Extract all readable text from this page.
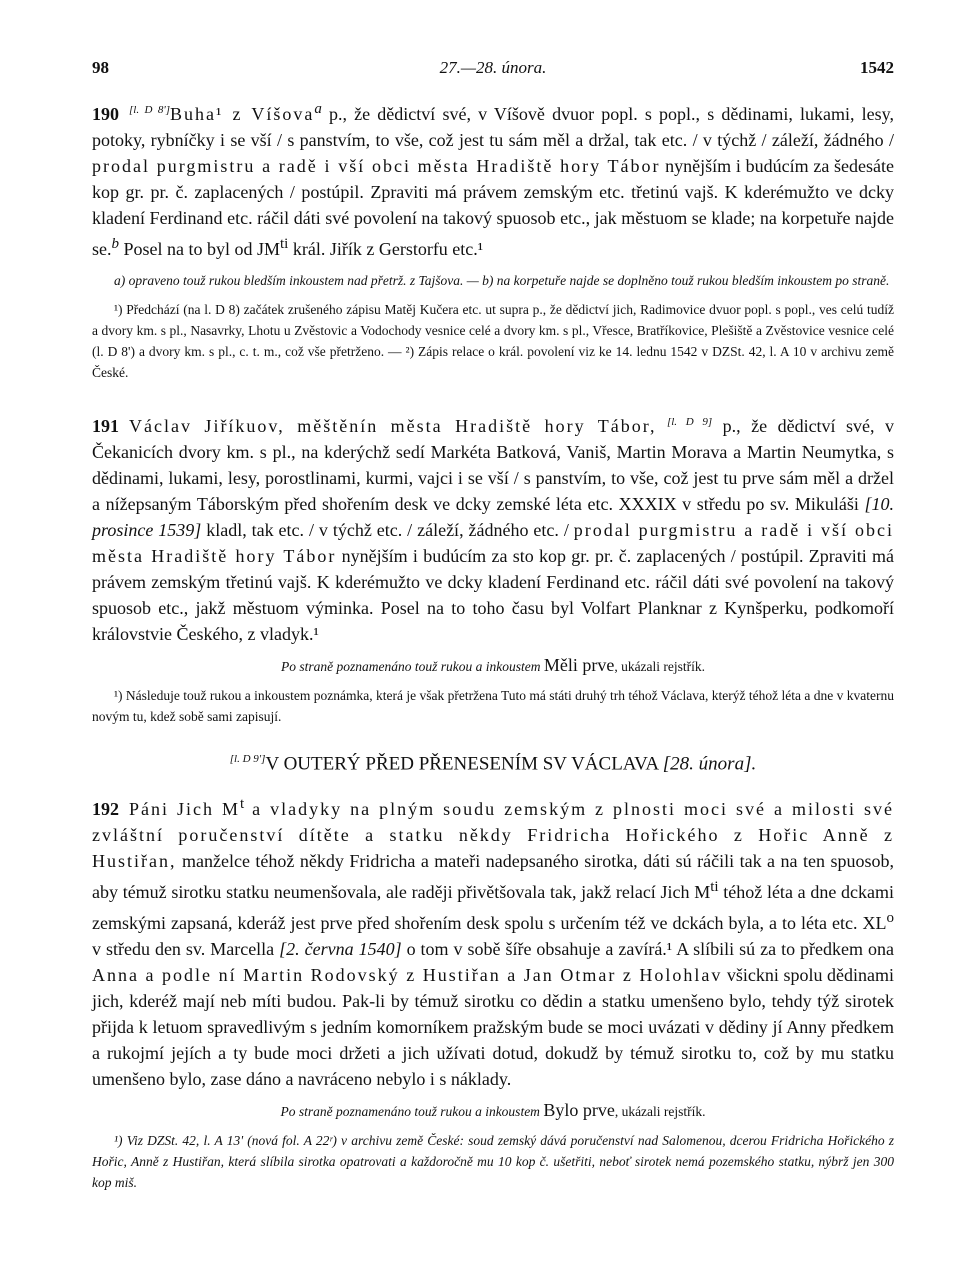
98	27.—28. února.	1542

190 [l. D 8']Buha¹ z Víšova$^a$ p., že dědictví své, v Víšově dvuor popl. s popl., s dědinami, lukami, lesy, potoky, rybníčky i se vší / s panstvím, to vše, což jest tu sám měl a držal, tak etc. / v týchž / záleží, žádného / prodal purgmistru a radě i vší obci města Hradiště hory Tábor nynějším i budúcím za šedesáte kop gr. pr. č. zaplacených / postúpil. Zpraviti má právem zemským etc. třetinú vajš. K kderémužto ve dcky kladení Ferdinand etc. ráčil dáti své povolení na takový spuosob etc., jak městuom se klade; na korpetuře najde se.$^b$ Posel na to byl od $JM^{ti}$ král. Jiřík z Gerstorfu etc.¹

a) opraveno touž rukou bledším inkoustem nad přetrž. z Tajšova. — b) na korpetuře najde se doplněno touž rukou bledším inkoustem po straně.

¹) Předchází (na l. D 8) začátek zrušeného zápisu Matěj Kučera etc. ut supra p., že dědictví jich, Radimovice dvuor popl. s popl., ves celú tudíž a dvory km. s pl., Nasavrky, Lhotu u Zvěstovic a Vodochody vesnice celé a dvory km. s pl., Vřesce, Bratříkovice, Plešiště a Zvěstovice vesnice celé (l. D 8') a dvory km. s pl., c. t. m., což vše přetrženo. — ²) Zápis relace o král. povolení viz ke 14. lednu 1542 v DZSt. 42, l. A 10 v archivu země České.

191 Václav Jiříkuov, měštěnín města Hradiště hory Tábor, [l. D 9] p., že dědictví své, v Čekanicích dvory km. s pl., na kderýchž sedí Markéta Batková, Vaniš, Martin Morava a Martin Neumytka, s dědinami, lukami, lesy, porostlinami, kurmi, vajci i se vší / s panstvím, to vše, což jest tu prve sám měl a držel a nížepsaným Táborským před shořením desk ve dcky zemské léta etc. XXXIX v středu po sv. Mikuláši [10. prosince 1539] kladl, tak etc. / v týchž etc. / záleží, žádného etc. / prodal purgmistru a radě i vší obci města Hradiště hory Tábor nynějším i budúcím za sto kop gr. pr. č. zaplacených / postúpil. Zpraviti má právem zemským třetinú vajš. K kderémužto ve dcky kladení Ferdinand etc. ráčil dáti své povolení na takový spuosob etc., jakž městuom výminka. Posel na to toho času byl Volfart Planknar z Kynšperku, podkomoří královstvie Českého, z vladyk.¹

Po straně poznamenáno touž rukou a inkoustem Měli prve, ukázali rejstřík.

¹) Následuje touž rukou a inkoustem poznámka, která je však přetržena Tuto má státi druhý trh téhož Václava, kterýž téhož léta a dne v kvaternu novým tu, kdež sobě sami zapisují.

[l. D 9']V OUTERÝ PŘED PŘENESENÍM SV VÁCLAVA [28. února].

192 Páni Jich $M^t$ a vladyky na plným soudu zemským z plnosti moci své a milosti své zvláštní poručenství dítěte a statku někdy Fridricha Hořického z Hořic Anně z Hustiřan, manželce téhož někdy Fridricha a mateři nadepsaného sirotka, dáti sú ráčili tak a na ten spuosob, aby témuž sirotku statku neumenšovala, ale raději přivětšovala tak, jakž relací Jich $M^{ti}$ téhož léta a dne dckami zemskými zapsaná, kderáž jest prve před shořením desk spolu s určením též ve dckách byla, a to léta etc. $XL^o$ v středu den sv. Marcella [2. června 1540] o tom v sobě šíře obsahuje a zavírá.¹ A slíbili sú za to předkem ona Anna a podle ní Martin Rodovský z Hustiřan a Jan Otmar z Holohlav všickni spolu dědinami jich, kderéž mají neb míti budou. Pak-li by témuž sirotku co dědin a statku umenšeno bylo, tehdy týž sirotek přijda k letuom spravedlivým s jedním komorníkem pražským bude se moci uvázati v dědiny jí Anny předkem a rukojmí jejích a ty bude moci držeti a jich užívati dotud, dokudž by témuž sirotku to, což by mu statku umenšeno bylo, zase dáno a navráceno nebylo i s náklady.

Po straně poznamenáno touž rukou a inkoustem Bylo prve, ukázali rejstřík.

¹) Viz DZSt. 42, l. A 13' (nová fol. A 22ʳ) v archivu země České: soud zemský dává poručenství nad Salomenou, dcerou Fridricha Hořického z Hořic, Anně z Hustiřan, která slíbila sirotka opatrovati a každoročně mu 10 kop č. ušetřiti, neboť sirotek nemá pozemského statku, nýbrž jen 300 kop miš.
